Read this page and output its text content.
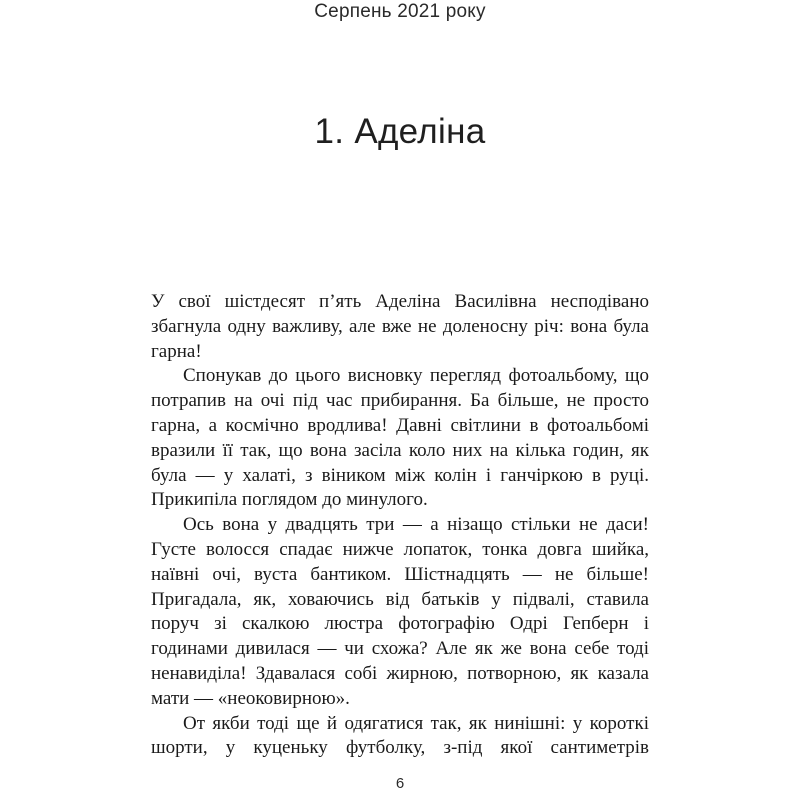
Серпень 2021 року
1. Аделіна

У свої шістдесят п’ять Аделіна Василівна несподівано збагнула одну важливу, але вже не доленосну річ: вона була гарна!

Спонукав до цього висновку перегляд фотоальбому, що потрапив на очі під час прибирання. Ба більше, не просто гарна, а космічно вродлива! Давні світлини в фотоальбомі вразили її так, що вона засіла коло них на кілька годин, як була — у халаті, з віником між колін і ганчіркою в руці. Прикипіла поглядом до минулого.

Ось вона у двадцять три — а нізащо стільки не даси! Густе волосся спадає нижче лопаток, тонка довга шийка, наївні очі, вуста бантиком. Шістнадцять — не більше! Пригадала, як, ховаючись від батьків у підвалі, ставила поруч зі скалкою люстра фотографію Одрі Гепберн і годинами дивилася — чи схожа? Але як же вона себе тоді ненавиділа! Здавалася собі жирною, потворною, як казала мати — «неоковирною».

От якби тоді ще й одягатися так, як нинішні: у короткі шорти, у куценьку футболку, з-під якої сантиметрів

6
